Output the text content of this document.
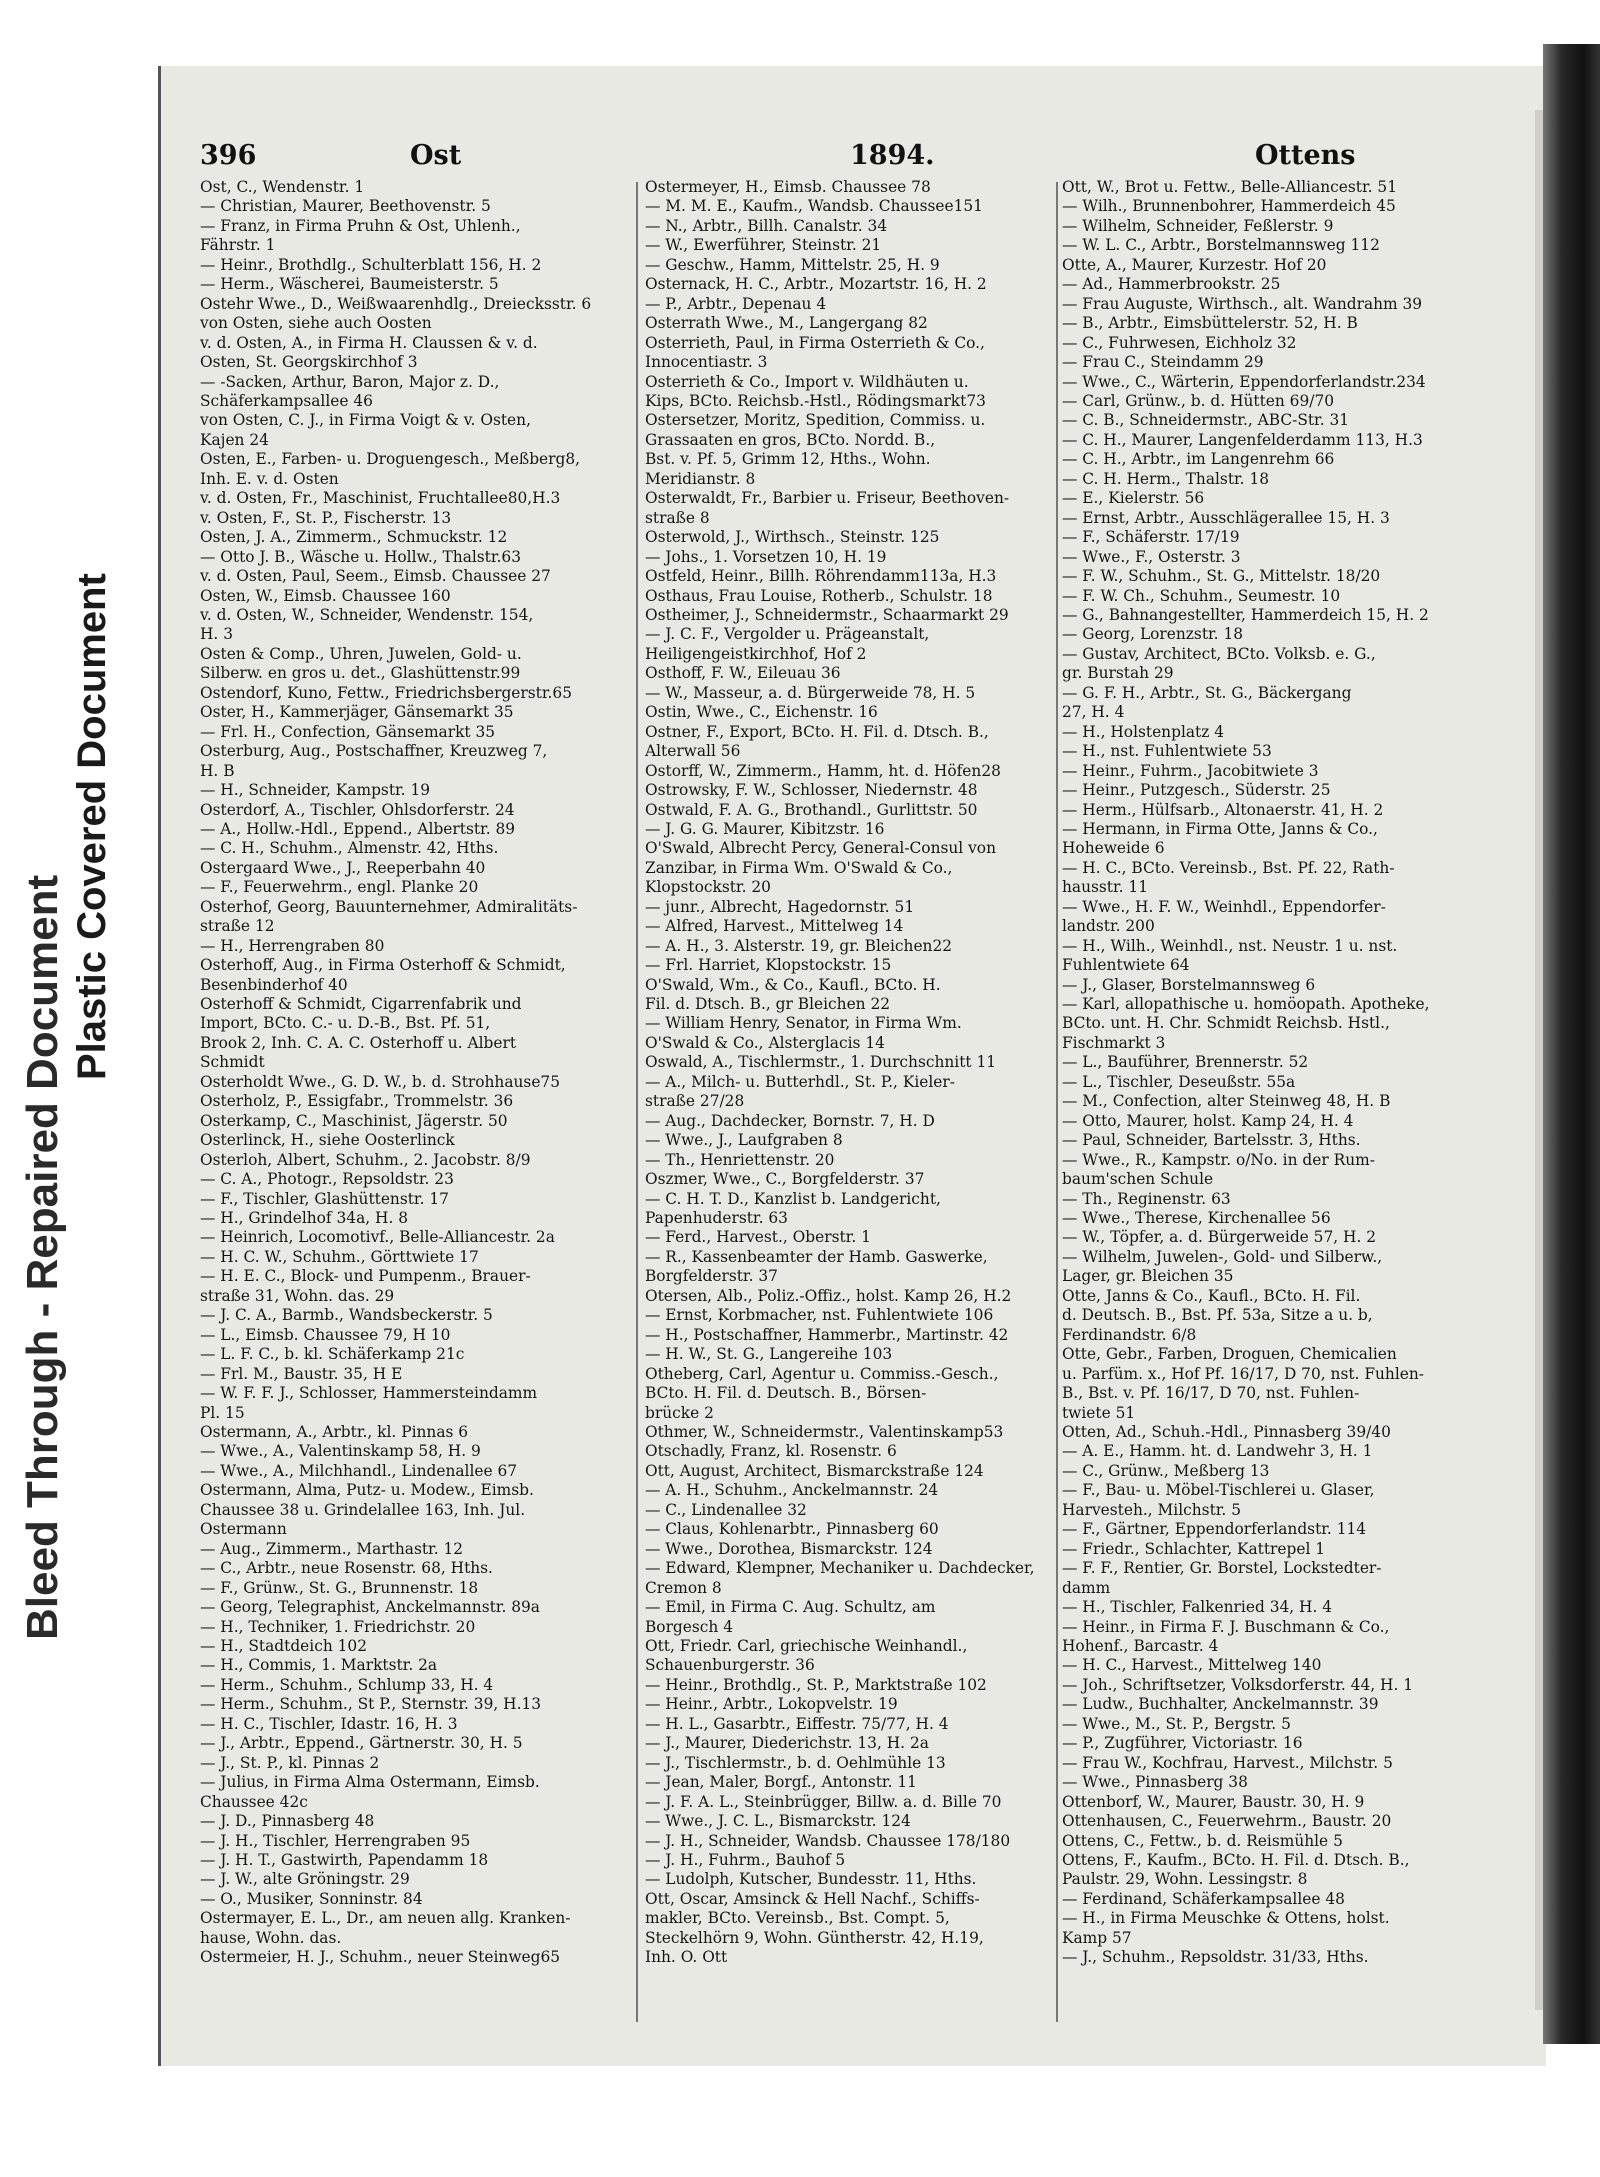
Bleed Through - Repaired Document
Plastic Covered Document
396	Ost	1894.	Ottens
Ost, C., Wendenstr. 1
— Christian, Maurer, Beethovenstr. 5
— Franz, in Firma Pruhn & Ost, Uhlenh.,
Fährstr. 1
— Heinr., Brothdlg., Schulterblatt 156, H. 2
— Herm., Wäscherei, Baumeisterstr. 5
Ostehr Wwe., D., Weißwaarenhdlg., Dreiecksstr. 6
von Osten, siehe auch Oosten
v. d. Osten, A., in Firma H. Claussen & v. d.
Osten, St. Georgskirchhof 3
— -Sacken, Arthur, Baron, Major z. D.,
Schäferkampsallee 46
von Osten, C. J., in Firma Voigt & v. Osten,
Kajen 24
Osten, E., Farben- u. Droguengesch., Meßberg8,
Inh. E. v. d. Osten
v. d. Osten, Fr., Maschinist, Fruchtallee80,H.3
v. Osten, F., St. P., Fischerstr. 13
Osten, J. A., Zimmerm., Schmuckstr. 12
— Otto J. B., Wäsche u. Hollw., Thalstr.63
v. d. Osten, Paul, Seem., Eimsb. Chaussee 27
Osten, W., Eimsb. Chaussee 160
v. d. Osten, W., Schneider, Wendenstr. 154,
H. 3
Osten & Comp., Uhren, Juwelen, Gold- u.
Silberw. en gros u. det., Glashüttenstr.99
Ostendorf, Kuno, Fettw., Friedrichsbergerstr.65
Oster, H., Kammerjäger, Gänsemarkt 35
— Frl. H., Confection, Gänsemarkt 35
Osterburg, Aug., Postschaffner, Kreuzweg 7,
H. B
— H., Schneider, Kampstr. 19
Osterdorf, A., Tischler, Ohlsdorferstr. 24
— A., Hollw.-Hdl., Eppend., Albertstr. 89
— C. H., Schuhm., Almenstr. 42, Hths.
Ostergaard Wwe., J., Reeperbahn 40
— F., Feuerwehrm., engl. Planke 20
Osterhof, Georg, Bauunternehmer, Admiralitäts-
straße 12
— H., Herrengraben 80
Osterhoff, Aug., in Firma Osterhoff & Schmidt,
Besenbinderhof 40
Osterhoff & Schmidt, Cigarrenfabrik und
Import, BCto. C.- u. D.-B., Bst. Pf. 51,
Brook 2, Inh. C. A. C. Osterhoff u. Albert
Schmidt
Osterholdt Wwe., G. D. W., b. d. Strohhause75
Osterholz, P., Essigfabr., Trommelstr. 36
Osterkamp, C., Maschinist, Jägerstr. 50
Osterlinck, H., siehe Oosterlinck
Osterloh, Albert, Schuhm., 2. Jacobstr. 8/9
— C. A., Photogr., Repsoldstr. 23
— F., Tischler, Glashüttenstr. 17
— H., Grindelhof 34a, H. 8
— Heinrich, Locomotivf., Belle-Alliancestr. 2a
— H. C. W., Schuhm., Görttwiete 17
— H. E. C., Block- und Pumpenm., Brauer-
straße 31, Wohn. das. 29
— J. C. A., Barmb., Wandsbeckerstr. 5
— L., Eimsb. Chaussee 79, H 10
— L. F. C., b. kl. Schäferkamp 21c
— Frl. M., Baustr. 35, H E
— W. F. F. J., Schlosser, Hammersteindamm
Pl. 15
Ostermann, A., Arbtr., kl. Pinnas 6
— Wwe., A., Valentinskamp 58, H. 9
— Wwe., A., Milchhandl., Lindenallee 67
Ostermann, Alma, Putz- u. Modew., Eimsb.
Chaussee 38 u. Grindelallee 163, Inh. Jul.
Ostermann
— Aug., Zimmerm., Marthastr. 12
— C., Arbtr., neue Rosenstr. 68, Hths.
— F., Grünw., St. G., Brunnenstr. 18
— Georg, Telegraphist, Anckelmannstr. 89a
— H., Techniker, 1. Friedrichstr. 20
— H., Stadtdeich 102
— H., Commis, 1. Marktstr. 2a
— Herm., Schuhm., Schlump 33, H. 4
— Herm., Schuhm., St P., Sternstr. 39, H.13
— H. C., Tischler, Idastr. 16, H. 3
— J., Arbtr., Eppend., Gärtnerstr. 30, H. 5
— J., St. P., kl. Pinnas 2
— Julius, in Firma Alma Ostermann, Eimsb.
Chaussee 42c
— J. D., Pinnasberg 48
— J. H., Tischler, Herrengraben 95
— J. H. T., Gastwirth, Papendamm 18
— J. W., alte Gröningstr. 29
— O., Musiker, Sonninstr. 84
Ostermayer, E. L., Dr., am neuen allg. Kranken-
hause, Wohn. das.
Ostermeier, H. J., Schuhm., neuer Steinweg65
Ostermeyer, H., Eimsb. Chaussee 78
— M. M. E., Kaufm., Wandsb. Chaussee151
— N., Arbtr., Billh. Canalstr. 34
— W., Ewerführer, Steinstr. 21
— Geschw., Hamm, Mittelstr. 25, H. 9
Osternack, H. C., Arbtr., Mozartstr. 16, H. 2
— P., Arbtr., Depenau 4
Osterrath Wwe., M., Langergang 82
Osterrieth, Paul, in Firma Osterrieth & Co.,
Innocentiastr. 3
Osterrieth & Co., Import v. Wildhäuten u.
Kips, BCto. Reichsb.-Hstl., Rödingsmarkt73
Ostersetzer, Moritz, Spedition, Commiss. u.
Grassaaten en gros, BCto. Nordd. B.,
Bst. v. Pf. 5, Grimm 12, Hths., Wohn.
Meridianstr. 8
Osterwaldt, Fr., Barbier u. Friseur, Beethoven-
straße 8
Osterwold, J., Wirthsch., Steinstr. 125
— Johs., 1. Vorsetzen 10, H. 19
Ostfeld, Heinr., Billh. Röhrendamm113a, H.3
Osthaus, Frau Louise, Rotherb., Schulstr. 18
Ostheimer, J., Schneidermstr., Schaarmarkt 29
— J. C. F., Vergolder u. Prägeanstalt,
Heiligengeistkirchhof, Hof 2
Osthoff, F. W., Eileuau 36
— W., Masseur, a. d. Bürgerweide 78, H. 5
Ostin, Wwe., C., Eichenstr. 16
Ostner, F., Export, BCto. H. Fil. d. Dtsch. B.,
Alterwall 56
Ostorff, W., Zimmerm., Hamm, ht. d. Höfen28
Ostrowsky, F. W., Schlosser, Niedernstr. 48
Ostwald, F. A. G., Brothandl., Gurlittstr. 50
— J. G. G. Maurer, Kibitzstr. 16
O'Swald, Albrecht Percy, General-Consul von
Zanzibar, in Firma Wm. O'Swald & Co.,
Klopstockstr. 20
— junr., Albrecht, Hagedornstr. 51
— Alfred, Harvest., Mittelweg 14
— A. H., 3. Alsterstr. 19, gr. Bleichen22
— Frl. Harriet, Klopstockstr. 15
O'Swald, Wm., & Co., Kaufl., BCto. H.
Fil. d. Dtsch. B., gr Bleichen 22
— William Henry, Senator, in Firma Wm.
O'Swald & Co., Alsterglacis 14
Oswald, A., Tischlermstr., 1. Durchschnitt 11
— A., Milch- u. Butterhdl., St. P., Kieler-
straße 27/28
— Aug., Dachdecker, Bornstr. 7, H. D
— Wwe., J., Laufgraben 8
— Th., Henriettenstr. 20
Oszmer, Wwe., C., Borgfelderstr. 37
— C. H. T. D., Kanzlist b. Landgericht,
Papenhuderstr. 63
— Ferd., Harvest., Oberstr. 1
— R., Kassenbeamter der Hamb. Gaswerke,
Borgfelderstr. 37
Otersen, Alb., Poliz.-Offiz., holst. Kamp 26, H.2
— Ernst, Korbmacher, nst. Fuhlentwiete 106
— H., Postschaffner, Hammerbr., Martinstr. 42
— H. W., St. G., Langereihe 103
Otheberg, Carl, Agentur u. Commiss.-Gesch.,
BCto. H. Fil. d. Deutsch. B., Börsen-
brücke 2
Othmer, W., Schneidermstr., Valentinskamp53
Otschadly, Franz, kl. Rosenstr. 6
Ott, August, Architect, Bismarckstraße 124
— A. H., Schuhm., Anckelmannstr. 24
— C., Lindenallee 32
— Claus, Kohlenarbtr., Pinnasberg 60
— Wwe., Dorothea, Bismarckstr. 124
— Edward, Klempner, Mechaniker u. Dachdecker,
Cremon 8
— Emil, in Firma C. Aug. Schultz, am
Borgesch 4
Ott, Friedr. Carl, griechische Weinhandl.,
Schauenburgerstr. 36
— Heinr., Brothdlg., St. P., Marktstraße 102
— Heinr., Arbtr., Lokopvelstr. 19
— H. L., Gasarbtr., Eiffestr. 75/77, H. 4
— J., Maurer, Diederichstr. 13, H. 2a
— J., Tischlermstr., b. d. Oehlmühle 13
— Jean, Maler, Borgf., Antonstr. 11
— J. F. A. L., Steinbrügger, Billw. a. d. Bille 70
— Wwe., J. C. L., Bismarckstr. 124
— J. H., Schneider, Wandsb. Chaussee 178/180
— J. H., Fuhrm., Bauhof 5
— Ludolph, Kutscher, Bundesstr. 11, Hths.
Ott, Oscar, Amsinck & Hell Nachf., Schiffs-
makler, BCto. Vereinsb., Bst. Compt. 5,
Steckelhörn 9, Wohn. Güntherstr. 42, H.19,
Inh. O. Ott
Ott, W., Brot u. Fettw., Belle-Alliancestr. 51
— Wilh., Brunnenbohrer, Hammerdeich 45
— Wilhelm, Schneider, Feßlerstr. 9
— W. L. C., Arbtr., Borstelmannsweg 112
Otte, A., Maurer, Kurzestr. Hof 20
— Ad., Hammerbrookstr. 25
— Frau Auguste, Wirthsch., alt. Wandrahm 39
— B., Arbtr., Eimsbüttelerstr. 52, H. B
— C., Fuhrwesen, Eichholz 32
— Frau C., Steindamm 29
— Wwe., C., Wärterin, Eppendorferlandstr.234
— Carl, Grünw., b. d. Hütten 69/70
— C. B., Schneidermstr., ABC-Str. 31
— C. H., Maurer, Langenfelderdamm 113, H.3
— C. H., Arbtr., im Langenrehm 66
— C. H. Herm., Thalstr. 18
— E., Kielerstr. 56
— Ernst, Arbtr., Ausschlägerallee 15, H. 3
— F., Schäferstr. 17/19
— Wwe., F., Osterstr. 3
— F. W., Schuhm., St. G., Mittelstr. 18/20
— F. W. Ch., Schuhm., Seumestr. 10
— G., Bahnangestellter, Hammerdeich 15, H. 2
— Georg, Lorenzstr. 18
— Gustav, Architect, BCto. Volksb. e. G.,
gr. Burstah 29
— G. F. H., Arbtr., St. G., Bäckergang
27, H. 4
— H., Holstenplatz 4
— H., nst. Fuhlentwiete 53
— Heinr., Fuhrm., Jacobitwiete 3
— Heinr., Putzgesch., Süderstr. 25
— Herm., Hülfsarb., Altonaerstr. 41, H. 2
— Hermann, in Firma Otte, Janns & Co.,
Hoheweide 6
— H. C., BCto. Vereinsb., Bst. Pf. 22, Rath-
hausstr. 11
— Wwe., H. F. W., Weinhdl., Eppendorfer-
landstr. 200
— H., Wilh., Weinhdl., nst. Neustr. 1 u. nst.
Fuhlentwiete 64
— J., Glaser, Borstelmannsweg 6
— Karl, allopathische u. homöopath. Apotheke,
BCto. unt. H. Chr. Schmidt Reichsb. Hstl.,
Fischmarkt 3
— L., Bauführer, Brennerstr. 52
— L., Tischler, Deseußstr. 55a
— M., Confection, alter Steinweg 48, H. B
— Otto, Maurer, holst. Kamp 24, H. 4
— Paul, Schneider, Bartelsstr. 3, Hths.
— Wwe., R., Kampstr. o/No. in der Rum-
baum'schen Schule
— Th., Reginenstr. 63
— Wwe., Therese, Kirchenallee 56
— W., Töpfer, a. d. Bürgerweide 57, H. 2
— Wilhelm, Juwelen-, Gold- und Silberw.,
Lager, gr. Bleichen 35
Otte, Janns & Co., Kaufl., BCto. H. Fil.
d. Deutsch. B., Bst. Pf. 53a, Sitze a u. b,
Ferdinandstr. 6/8
Otte, Gebr., Farben, Droguen, Chemicalien
u. Parfüm. x., Hof Pf. 16/17, D 70, nst. Fuhlen-
B., Bst. v. Pf. 16/17, D 70, nst. Fuhlen-
twiete 51
Otten, Ad., Schuh.-Hdl., Pinnasberg 39/40
— A. E., Hamm. ht. d. Landwehr 3, H. 1
— C., Grünw., Meßberg 13
— F., Bau- u. Möbel-Tischlerei u. Glaser,
Harvesteh., Milchstr. 5
— F., Gärtner, Eppendorferlandstr. 114
— Friedr., Schlachter, Kattrepel 1
— F. F., Rentier, Gr. Borstel, Lockstedter-
damm
— H., Tischler, Falkenried 34, H. 4
— Heinr., in Firma F. J. Buschmann & Co.,
Hohenf., Barcastr. 4
— H. C., Harvest., Mittelweg 140
— Joh., Schriftsetzer, Volksdorferstr. 44, H. 1
— Ludw., Buchhalter, Anckelmannstr. 39
— Wwe., M., St. P., Bergstr. 5
— P., Zugführer, Victoriastr. 16
— Frau W., Kochfrau, Harvest., Milchstr. 5
— Wwe., Pinnasberg 38
Ottenborf, W., Maurer, Baustr. 30, H. 9
Ottenhausen, C., Feuerwehrm., Baustr. 20
Ottens, C., Fettw., b. d. Reismühle 5
Ottens, F., Kaufm., BCto. H. Fil. d. Dtsch. B.,
Paulstr. 29, Wohn. Lessingstr. 8
— Ferdinand, Schäferkampsallee 48
— H., in Firma Meuschke & Ottens, holst.
Kamp 57
— J., Schuhm., Repsoldstr. 31/33, Hths.
